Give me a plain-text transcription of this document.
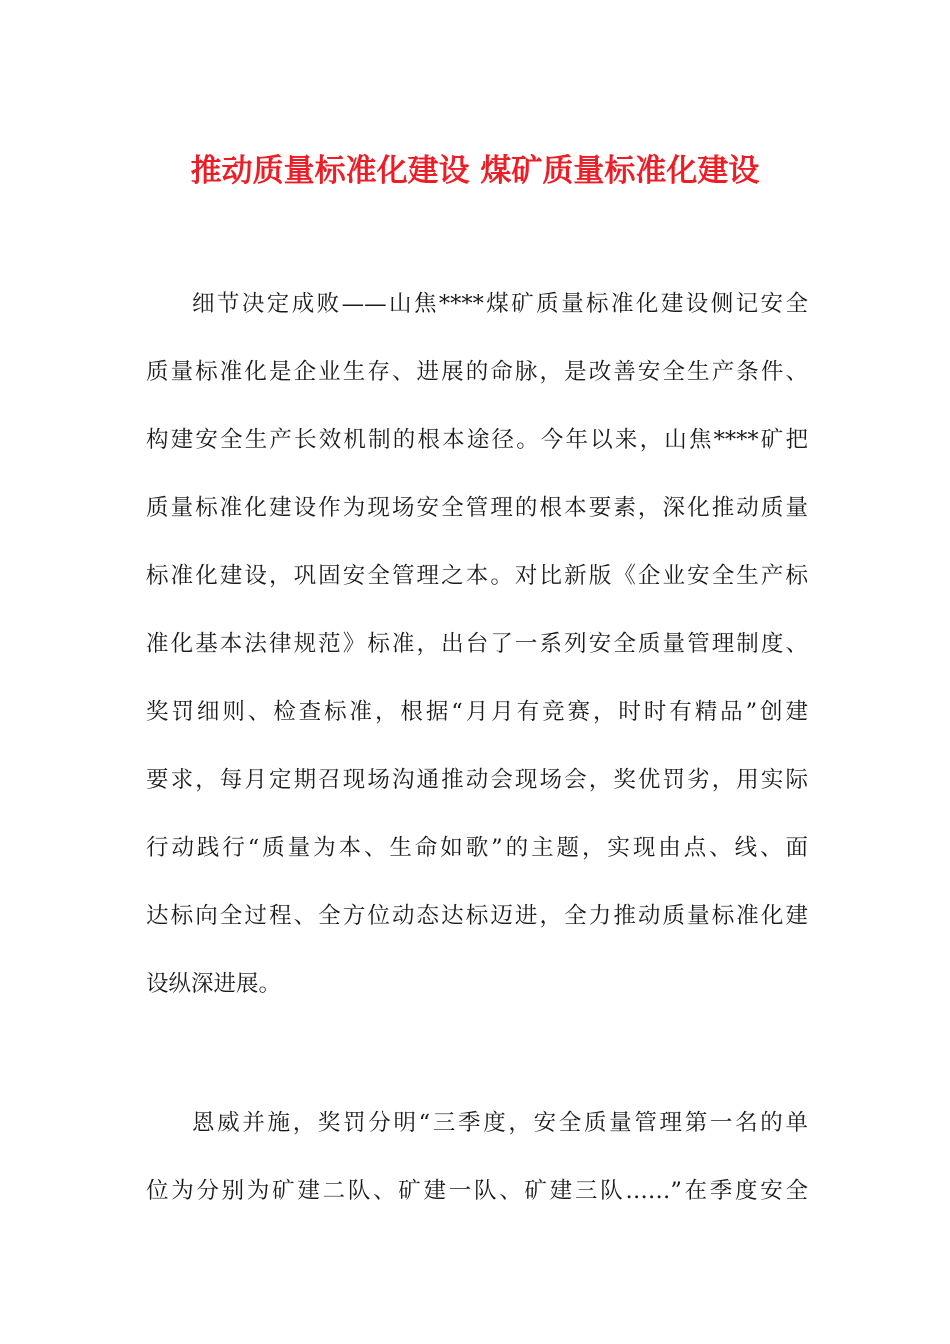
推动质量标准化建设 煤矿质量标准化建设
细节决定成败——山焦****煤矿质量标准化建设侧记安全
质量标准化是企业生存、进展的命脉，是改善安全生产条件、
构建安全生产长效机制的根本途径。今年以来，山焦****矿把
质量标准化建设作为现场安全管理的根本要素，深化推动质量
标准化建设，巩固安全管理之本。对比新版《企业安全生产标
准化基本法律规范》标准，出台了一系列安全质量管理制度、
奖罚细则、检查标准，根据“月月有竞赛，时时有精品”创建
要求，每月定期召现场沟通推动会现场会，奖优罚劣，用实际
行动践行“质量为本、生命如歌”的主题，实现由点、线、面
达标向全过程、全方位动态达标迈进，全力推动质量标准化建
设纵深进展。
恩威并施，奖罚分明“三季度，安全质量管理第一名的单
位为分别为矿建二队、矿建一队、矿建三队……”在季度安全
